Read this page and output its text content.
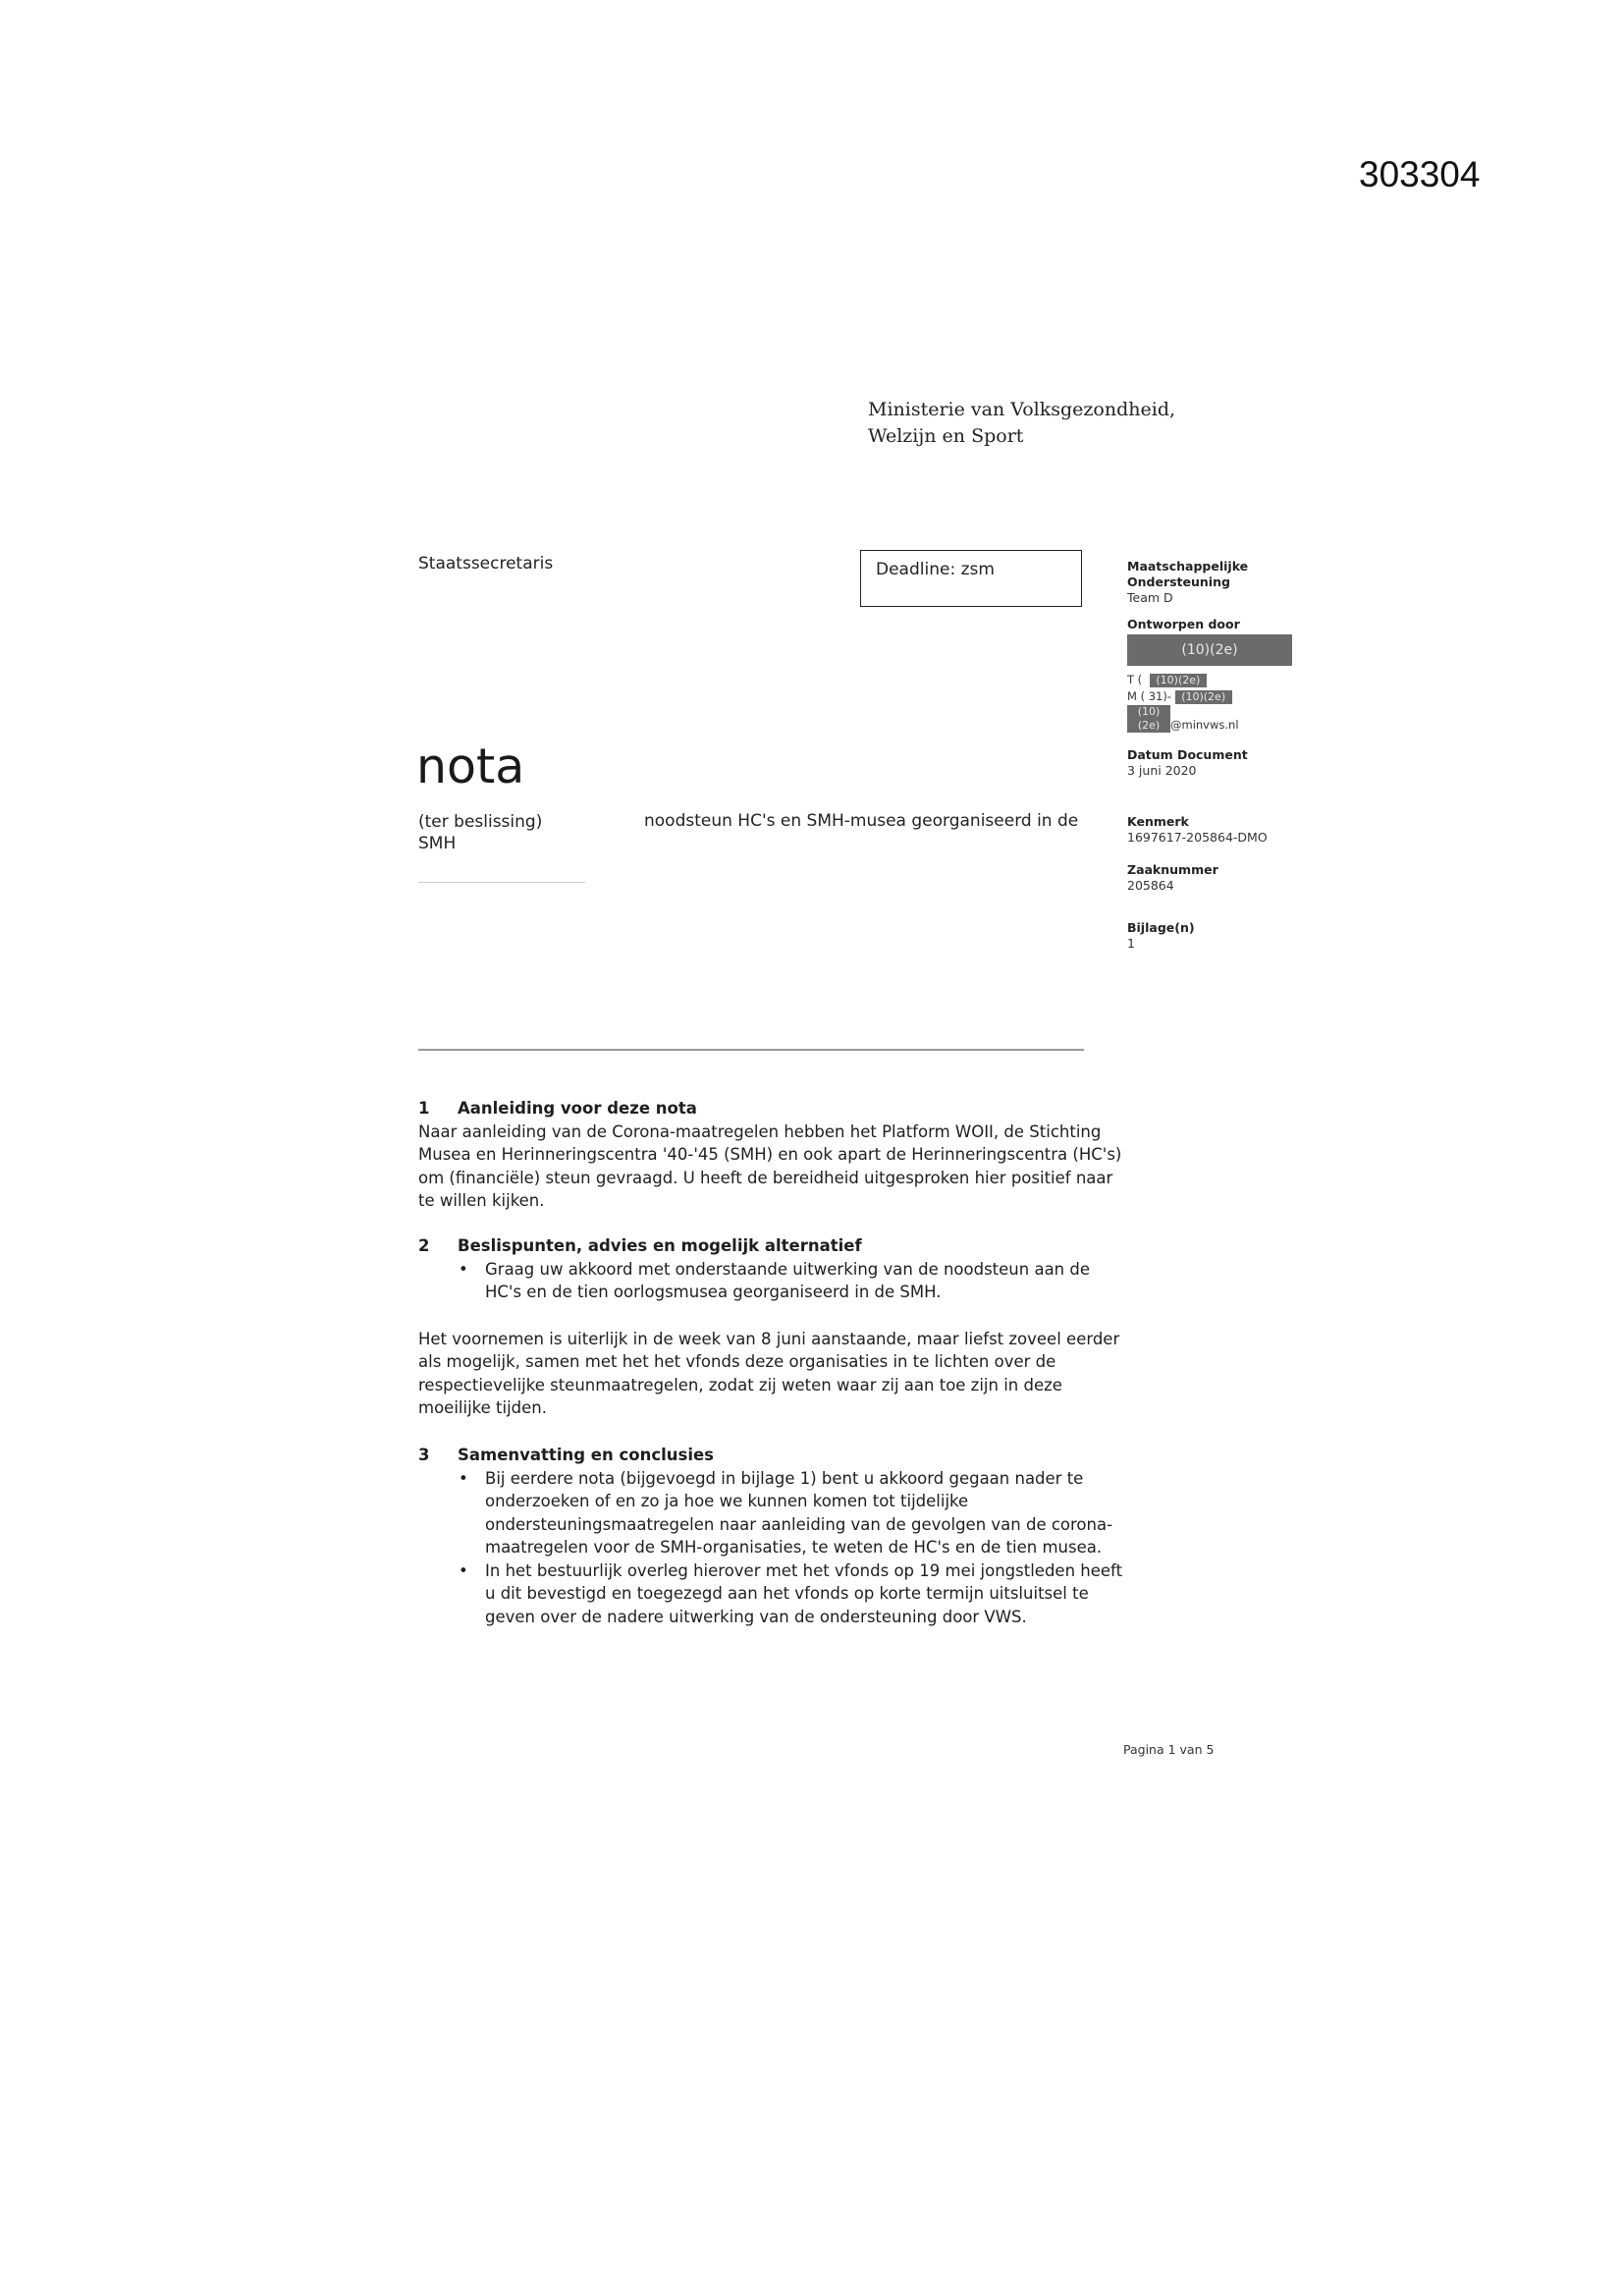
303304
Ministerie van Volksgezondheid,
Welzijn en Sport
Staatssecretaris	Deadline: zsm	Maatschappelijke
Ondersteuning
Team D
Ontworpen door
(10)(2e)
T ( (10)(2e)
M ( 31)- (10)(2e)
(10)(2e) @minvws.nl
Datum Document
3 juni 2020
Kenmerk
1697617-205864-DMO
Zaaknummer
205864
Bijlage(n)
1
nota
(ter beslissing)
SMH
noodsteun HC's en SMH-musea georganiseerd in de
1 Aanleiding voor deze nota

Naar aanleiding van de Corona-maatregelen hebben het Platform WOII, de Stichting Musea en Herinneringscentra '40-'45 (SMH) en ook apart de Herinneringscentra (HC's) om (financiële) steun gevraagd. U heeft de bereidheid uitgesproken hier positief naar te willen kijken.

2 Beslispunten, advies en mogelijk alternatief
• Graag uw akkoord met onderstaande uitwerking van de noodsteun aan de HC's en de tien oorlogsmusea georganiseerd in de SMH.

Het voornemen is uiterlijk in de week van 8 juni aanstaande, maar liefst zoveel eerder als mogelijk, samen met het het vfonds deze organisaties in te lichten over de respectievelijke steunmaatregelen, zodat zij weten waar zij aan toe zijn in deze moeilijke tijden.

3 Samenvatting en conclusies
• Bij eerdere nota (bijgevoegd in bijlage 1) bent u akkoord gegaan nader te onderzoeken of en zo ja hoe we kunnen komen tot tijdelijke ondersteuningsmaatregelen naar aanleiding van de gevolgen van de corona-maatregelen voor de SMH-organisaties, te weten de HC's en de tien musea.
• In het bestuurlijk overleg hierover met het vfonds op 19 mei jongstleden heeft u dit bevestigd en toegezegd aan het vfonds op korte termijn uitsluitsel te geven over de nadere uitwerking van de ondersteuning door VWS.
Pagina 1 van 5
